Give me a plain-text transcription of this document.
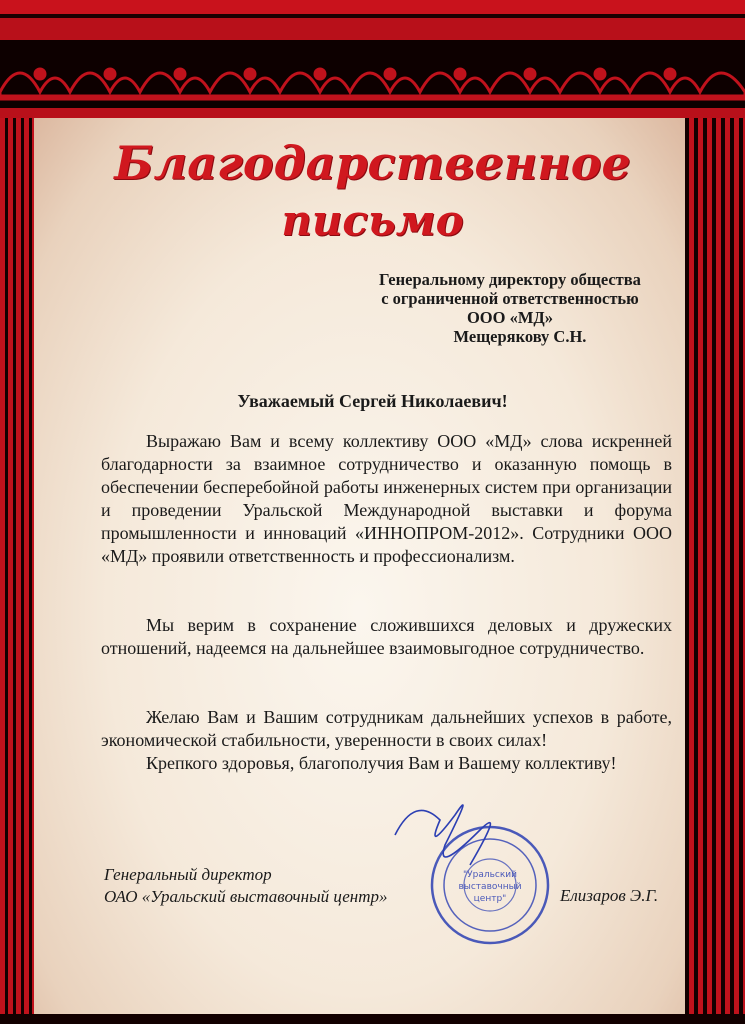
Благодарственное
письмо
Генеральному директору общества
с ограниченной ответственностью
ООО «МД»
Мещерякову С.Н.
Уважаемый Сергей Николаевич!

Выражаю Вам и всему коллективу ООО «МД» слова искренней благодарности за взаимное сотрудничество и оказанную помощь в обеспечении бесперебойной работы инженерных систем при организации и проведении Уральской Международной выставки и форума промышленности и инноваций «ИННОПРОМ-2012». Сотрудники ООО «МД» проявили ответственность и профессионализм.

Мы верим в сохранение сложившихся деловых и дружеских отношений, надеемся на дальнейшее взаимовыгодное сотрудничество.

Желаю Вам и Вашим сотрудникам дальнейших успехов в работе, экономической стабильности, уверенности в своих силах!

Крепкого здоровья, благополучия Вам и Вашему коллективу!

Генеральный директор
ОАО «Уральский выставочный центр»	Елизаров Э.Г.
"Уральский
выставочный
центр"
